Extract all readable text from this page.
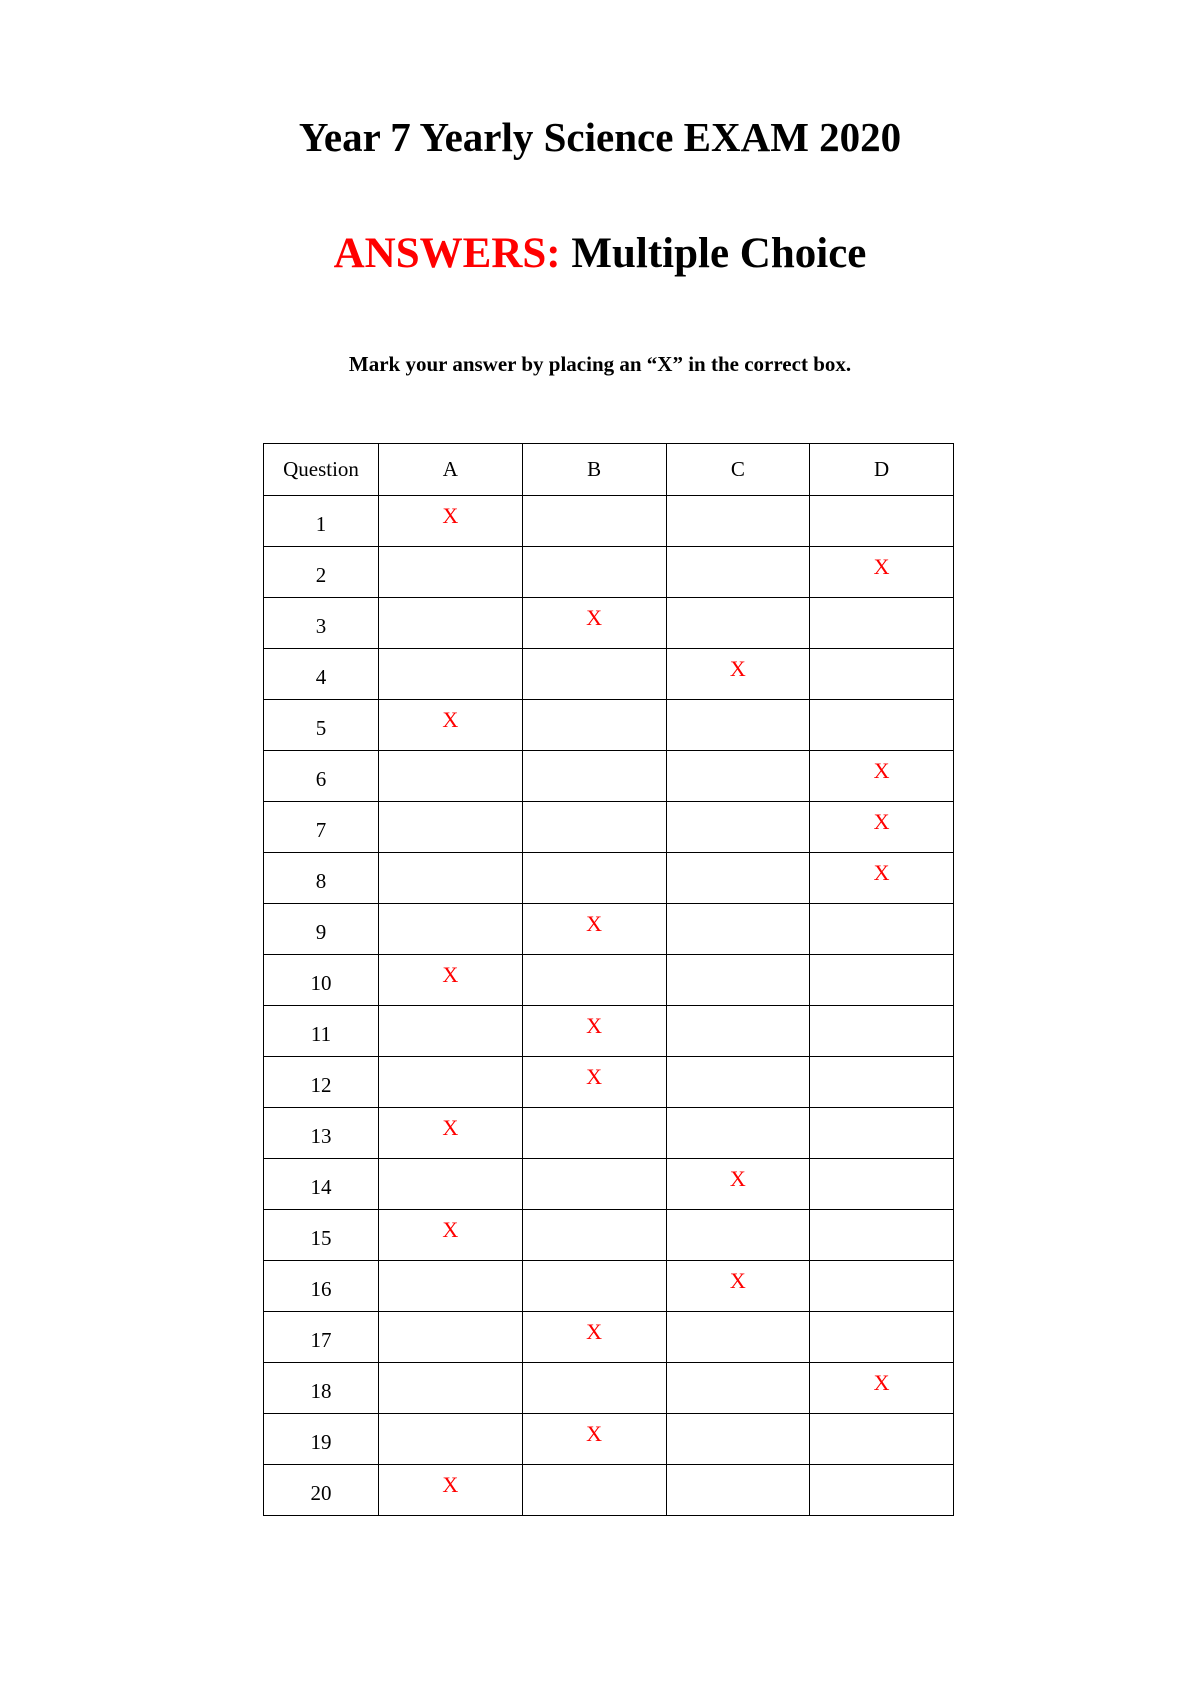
Year 7 Yearly Science EXAM 2020
ANSWERS: Multiple Choice
Mark your answer by placing an “X” in the correct box.
Question	A	B	C	D
1	X			
2				X
3		X		
4			X	
5	X			
6				X
7				X
8				X
9		X		
10	X			
11		X		
12		X		
13	X			
14			X	
15	X			
16			X	
17		X		
18				X
19		X		
20	X			
